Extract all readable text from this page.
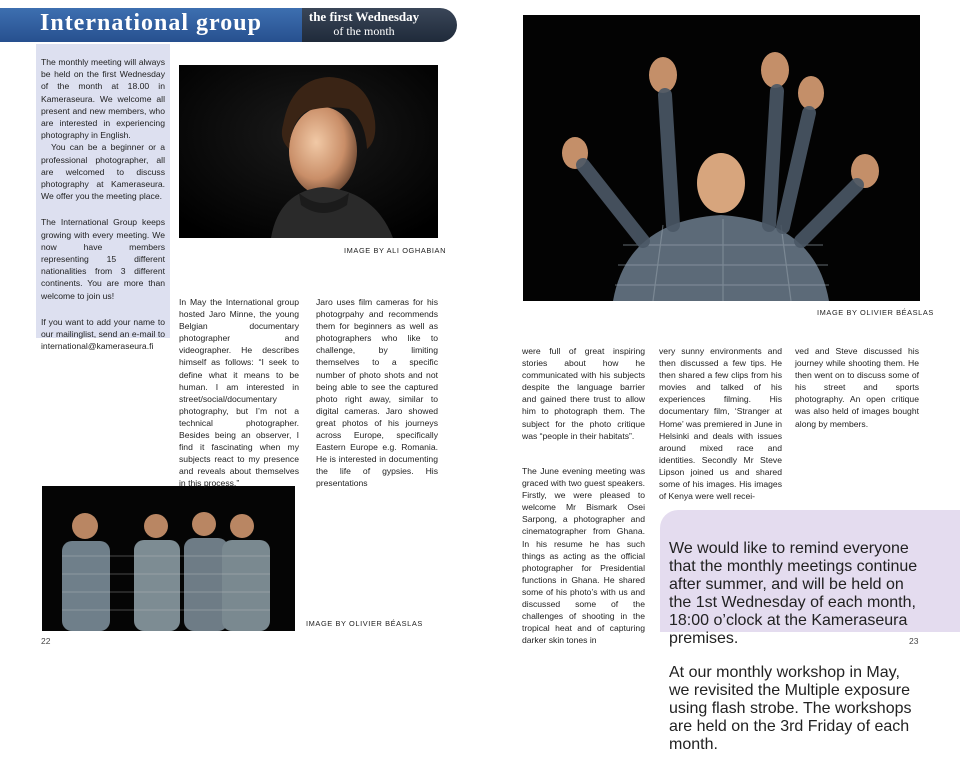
International group	the first Wednesday
of the month

The monthly meeting will always be held on the first Wednesday of the month at 18.00 in Kameraseura. We welcome all present and new members, who are interested in experiencing photography in English.

You can be a beginner or a professional photographer, all are welcomed to discuss photography at Kameraseura. We offer you the meeting place.

The International Group keeps growing with every meeting. We now have members representing 15 different nationalities from 3 different continents. You are more than welcome to join us!

If you want to add your name to our mailinglist, send an e-mail to international@kameraseura.fi

IMAGE BY ALI OGHABIAN
IMAGE BY OLIVIER BÉASLAS

In May the International group hosted Jaro Minne, the young Belgian documentary photographer and videographer. He describes himself as follows: “I seek to define what it means to be human. I am interested in street/social/documentary photography, but I’m not a technical photographer. Besides being an observer, I find it fascinating when my subjects react to my presence and reveals about themselves in this process.”

Jaro uses film cameras for his photogrpahy and recommends them for beginners as well as photographers who like to challenge, by limiting themselves to a specific number of photo shots and not being able to see the captured photo right away, similar to digital cameras. Jaro showed great photos of his journeys across Europe, specifically Eastern Europe e.g. Romania. He is interested in documenting the life of gypsies. His presentations

IMAGE BY OLIVIER BÉASLAS

were full of great inspiring stories about how he communicated with his subjects despite the language barrier and gained there trust to allow him to photograph them. The subject for the photo critique was “people in their habitats”.

The June evening meeting was graced with two guest speakers. Firstly, we were pleased to welcome Mr Bismark Osei Sarpong, a photographer and cinematographer from Ghana. In his resume he has such things as acting as the official photographer for Presidential functions in Ghana. He shared some of his photo’s with us and discussed some of the challenges of shooting in the tropical heat and of capturing darker skin tones in

very sunny environments and then discussed a few tips. He then shared a few clips from his movies and talked of his experiences filming. His documentary film, ‘Stranger at Home’ was premiered in June in Helsinki and deals with issues around mixed race and identities. Secondly Mr Steve Lipson joined us and shared some of his images. His images of Kenya were well recei-

ved and Steve discussed his journey while shooting them. He then went on to discuss some of his street and sports photography. An open critique was also held of images bought along by members.

We would like to remind everyone that the monthly meetings continue after summer, and will be held on the 1st Wednesday of each month, 18:00 o’clock at the Kameraseura premises.

At our monthly workshop in May, we revisited the Multiple exposure using flash strobe. The workshops are held on the 3rd Friday of each month.

22	23
